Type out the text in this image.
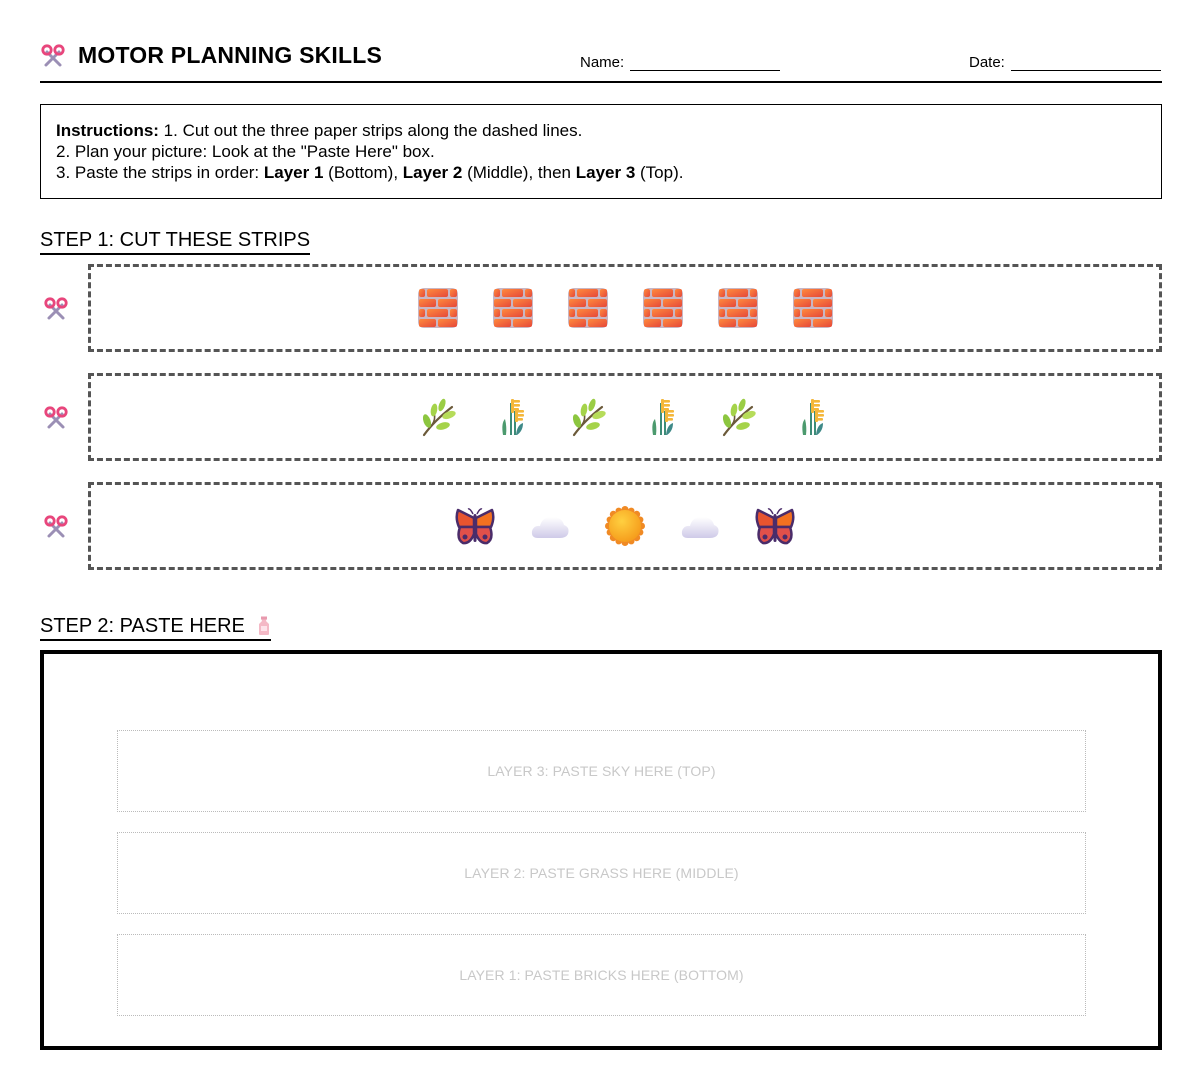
MOTOR PLANNING SKILLS	Name:	Date:
Instructions: 1. Cut out the three paper strips along the dashed lines.
2. Plan your picture: Look at the "Paste Here" box.
3. Paste the strips in order: Layer 1 (Bottom), Layer 2 (Middle), then Layer 3 (Top).
STEP 1: CUT THESE STRIPS
STEP 2: PASTE HERE
LAYER 3: PASTE SKY HERE (TOP)
LAYER 2: PASTE GRASS HERE (MIDDLE)
LAYER 1: PASTE BRICKS HERE (BOTTOM)
